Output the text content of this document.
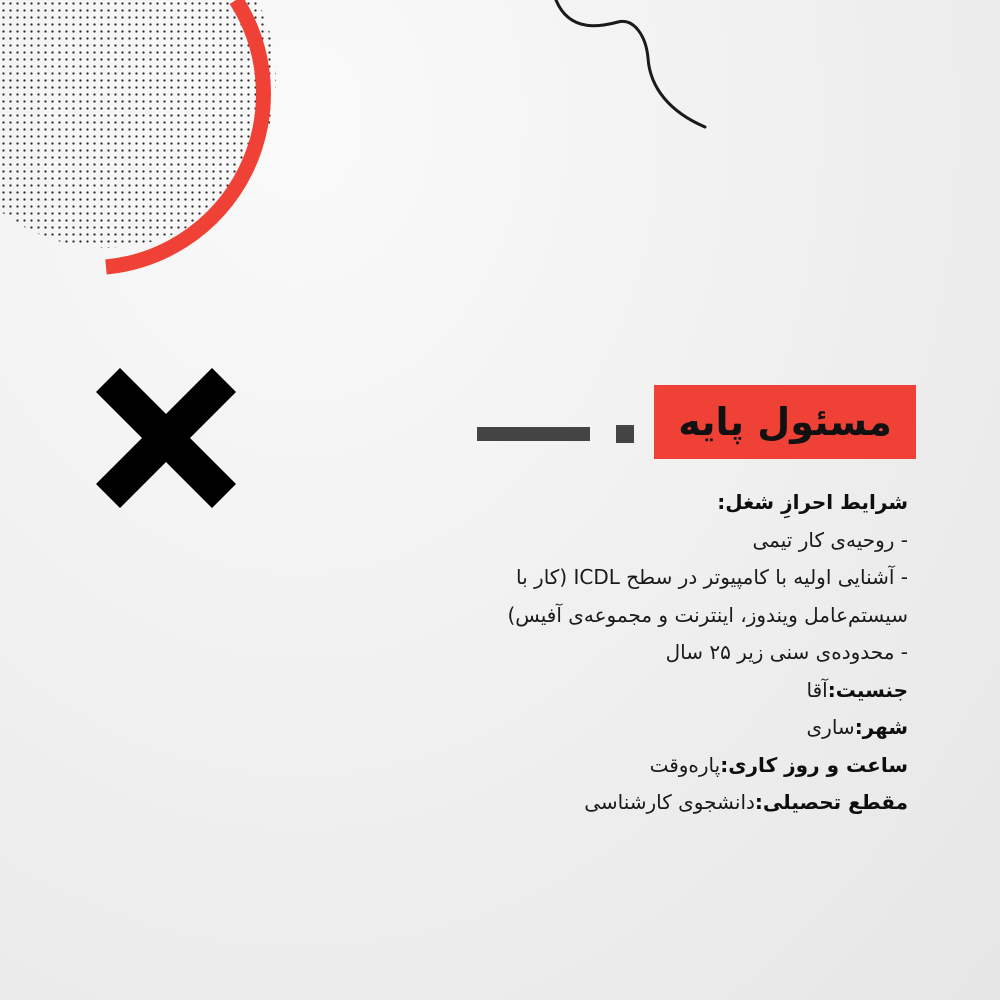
مسئول پایه
شرایط احرازِ شغل:
- روحیه‌ی کار تیمی
- آشنایی اولیه با کامپیوتر در سطح ICDL (کار با
سیستم‌عامل ویندوز، اینترنت و مجموعه‌ی آفیس)
- محدوده‌ی سنی زیر ۲۵ سال
جنسیت:آقا
شهر:ساری
ساعت و روز کاری:پاره‌وقت
مقطع تحصیلی:دانشجوی کارشناسی
